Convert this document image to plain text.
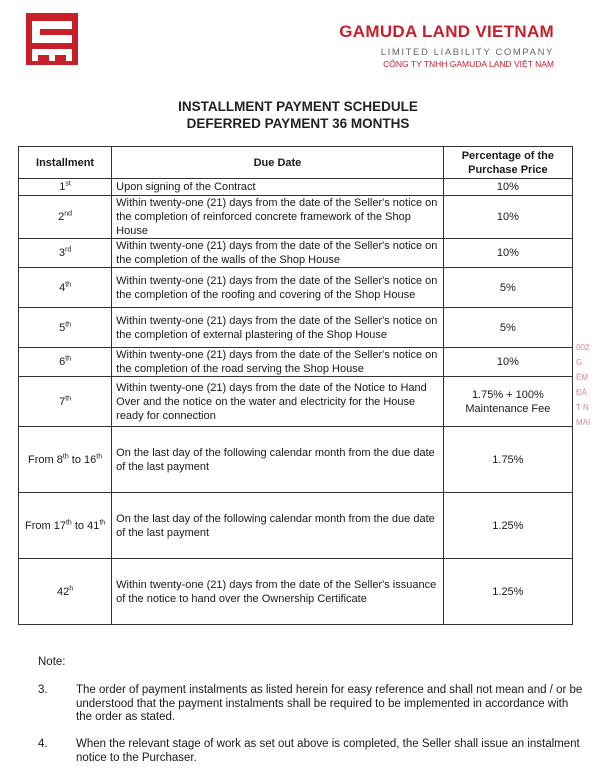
GAMUDA LAND VIETNAM
LIMITED LIABILITY COMPANY
CÔNG TY TNHH GAMUDA LAND VIỆT NAM
INSTALLMENT PAYMENT SCHEDULE
DEFERRED PAYMENT 36 MONTHS
Installment	Due Date	Percentage of the Purchase Price
1st	Upon signing of the Contract	10%
2nd	Within twenty-one (21) days from the date of the Seller's notice on the completion of reinforced concrete framework of the Shop House	10%
3rd	Within twenty-one (21) days from the date of the Seller's notice on the completion of the walls of the Shop House	10%
4th	Within twenty-one (21) days from the date of the Seller's notice on the completion of the roofing and covering of the Shop House	5%
5th	Within twenty-one (21) days from the date of the Seller's notice on the completion of external plastering of the Shop House	5%
6th	Within twenty-one (21) days from the date of the Seller's notice on the completion of the road serving the Shop House	10%
7th	Within twenty-one (21) days from the date of the Notice to Hand Over and the notice on the water and electricity for the House ready for connection	1.75% + 100%
Maintenance Fee
From 8th to 16th	On the last day of the following calendar month from the due date of the last payment	1.75%
From 17th to 41th	On the last day of the following calendar month from the due date of the last payment	1.25%
42$^h$	Within twenty-one (21) days from the date of the Seller's issuance of the notice to hand over the Ownership Certificate	1.25%
Note:
3. The order of payment instalments as listed herein for easy reference and shall not mean and / or be understood that the payment instalments shall be required to be implemented in accordance with the order as stated.
4. When the relevant stage of work as set out above is completed, the Seller shall issue an instalment notice to the Purchaser.
002
G
ÊM
ĐÀ
T N
MAI
